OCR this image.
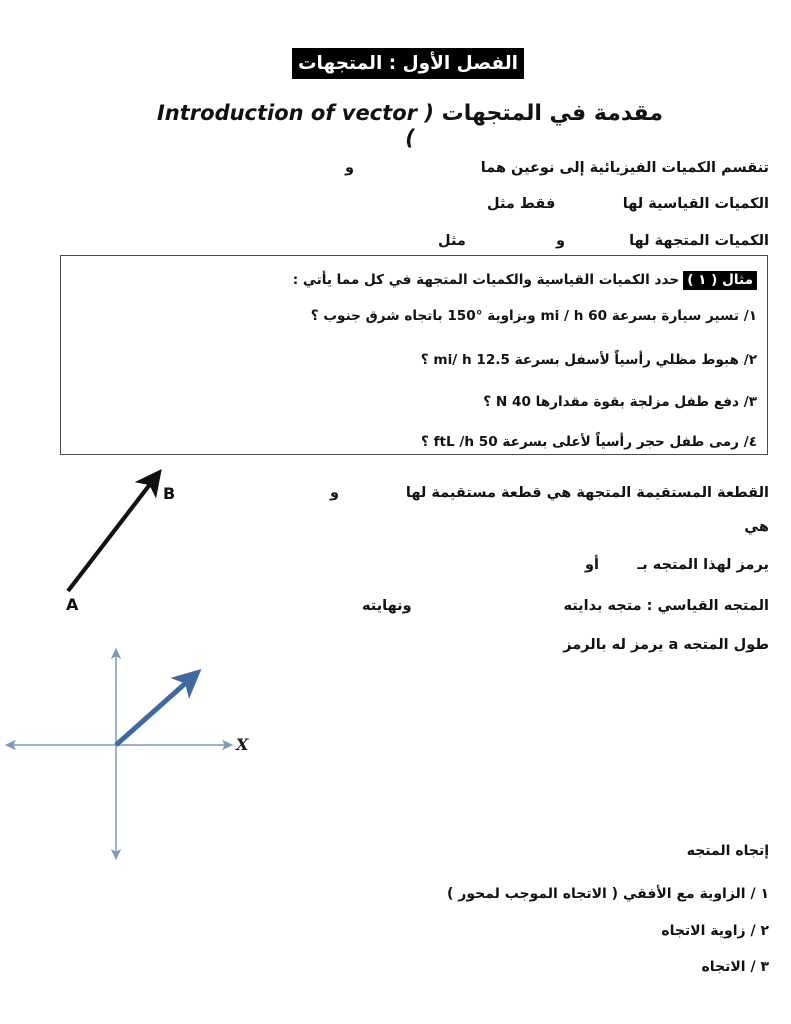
الفصل الأول : المتجهات
مقدمة في المتجهات ( Introduction of vector )
تنقسم الكميات الفيزيائية إلى نوعين هما
و
الكميات القياسية لها
فقط مثل
الكميات المتجهة لها
و
مثل
مثال ( ١ )حدد الكميات القياسية والكميات المتجهة في كل مما يأتي :
١/ تسير سيارة بسرعة 60 mi / h وبزاوية °150 باتجاه شرق جنوب ؟
٢/ هبوط مظلي رأسياً لأسفل بسرعة 12.5 mi/ h ؟
٣/ دفع طفل مزلجة بقوة مقدارها 40 N ؟
٤/ رمى طفل حجر رأسياً لأعلى بسرعة 50 ftL /h ؟
القطعة المستقيمة المتجهة هي قطعة مستقيمة لها
و
هي
يرمز لهذا المتجه بـ
أو
المتجه القياسي : متجه بدايته
ونهايته
طول المتجه a يرمز له بالرمز
إتجاه المتجه
١ / الزاوية مع الأفقي ( الاتجاه الموجب لمحور )
٢ / زاوية الاتجاه
٣ / الاتجاه
A
B
X
